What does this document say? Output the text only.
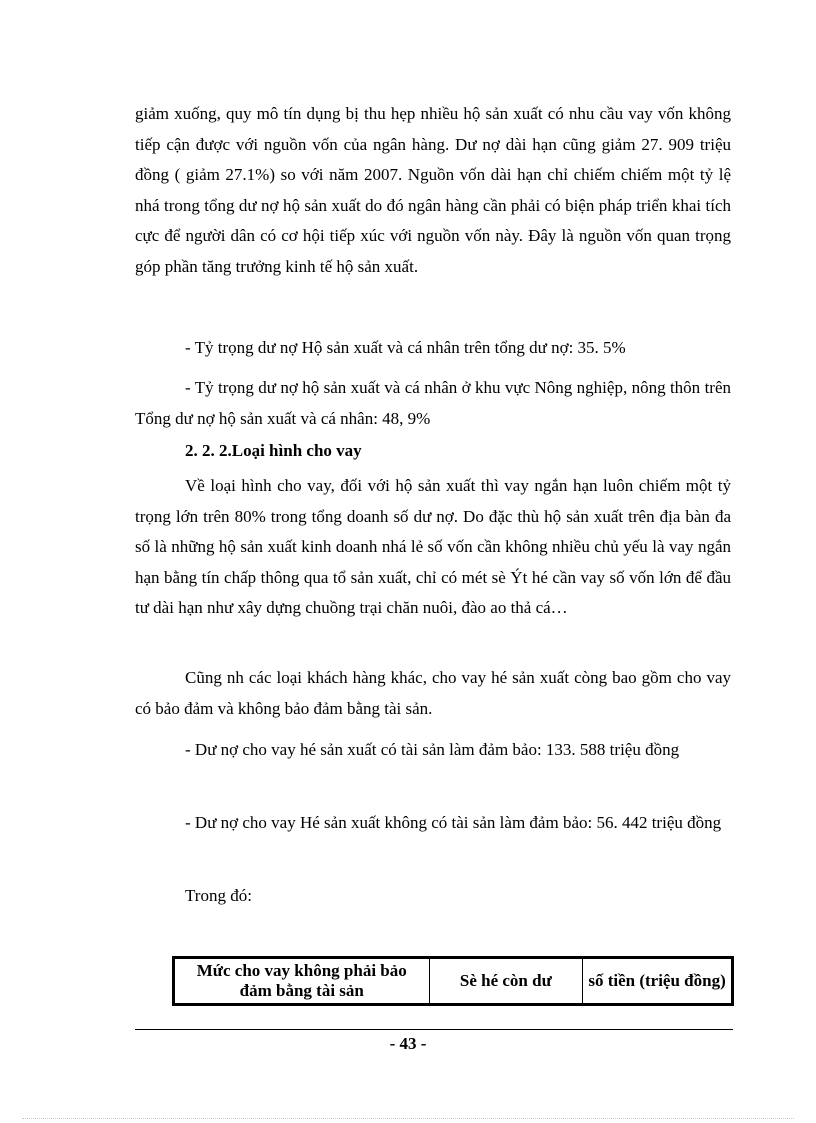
giảm xuống, quy mô tín dụng bị thu hẹp nhiều hộ sản xuất có nhu cầu vay vốn không tiếp cận được với nguồn vốn của ngân hàng. Dư nợ dài hạn cũng giảm 27. 909 triệu đồng ( giảm 27.1%) so với năm 2007. Nguồn vốn dài hạn chỉ chiếm chiếm một tỷ lệ nhá trong tổng dư nợ hộ sản xuất do đó ngân hàng cần phải có biện pháp triển khai tích cực để người dân có cơ hội tiếp xúc với nguồn vốn này. Đây là nguồn vốn quan trọng góp phần tăng trưởng kinh tế hộ sản xuất.

- Tỷ trọng dư nợ Hộ sản xuất và cá nhân trên tổng dư nợ: 35. 5%

- Tỷ trọng dư nợ hộ sản xuất và cá nhân ở khu vực Nông nghiệp, nông thôn trên Tổng dư nợ hộ sản xuất và cá nhân: 48, 9%

2. 2. 2.Loại hình cho vay

Về loại hình cho vay, đối với hộ sản xuất thì vay ngắn hạn luôn chiếm một tỷ trọng lớn trên 80% trong tổng doanh số dư nợ. Do đặc thù hộ sản xuất trên địa bàn đa số là những hộ sản xuất kinh doanh nhá lẻ số vốn cần không nhiều chủ yếu là vay ngắn hạn bằng tín chấp thông qua tổ sản xuất, chỉ có mét sè Ýt hé cần vay số vốn lớn để đầu tư dài hạn như xây dựng chuồng trại chăn nuôi, đào ao thả cá…

Cũng nh các loại khách hàng khác, cho vay hé sản xuất còng bao gồm cho vay có bảo đảm và không bảo đảm bằng tài sản.

- Dư nợ cho vay hé sản xuất có tài sản làm đảm bảo: 133. 588 triệu đồng

- Dư nợ cho vay Hé sản xuất không có tài sản làm đảm bảo: 56. 442 triệu đồng

Trong đó:

Mức cho vay không phải bảo đảm bằng tài sản	Sè hé còn dư	số tiền (triệu đồng)
- 43 -
